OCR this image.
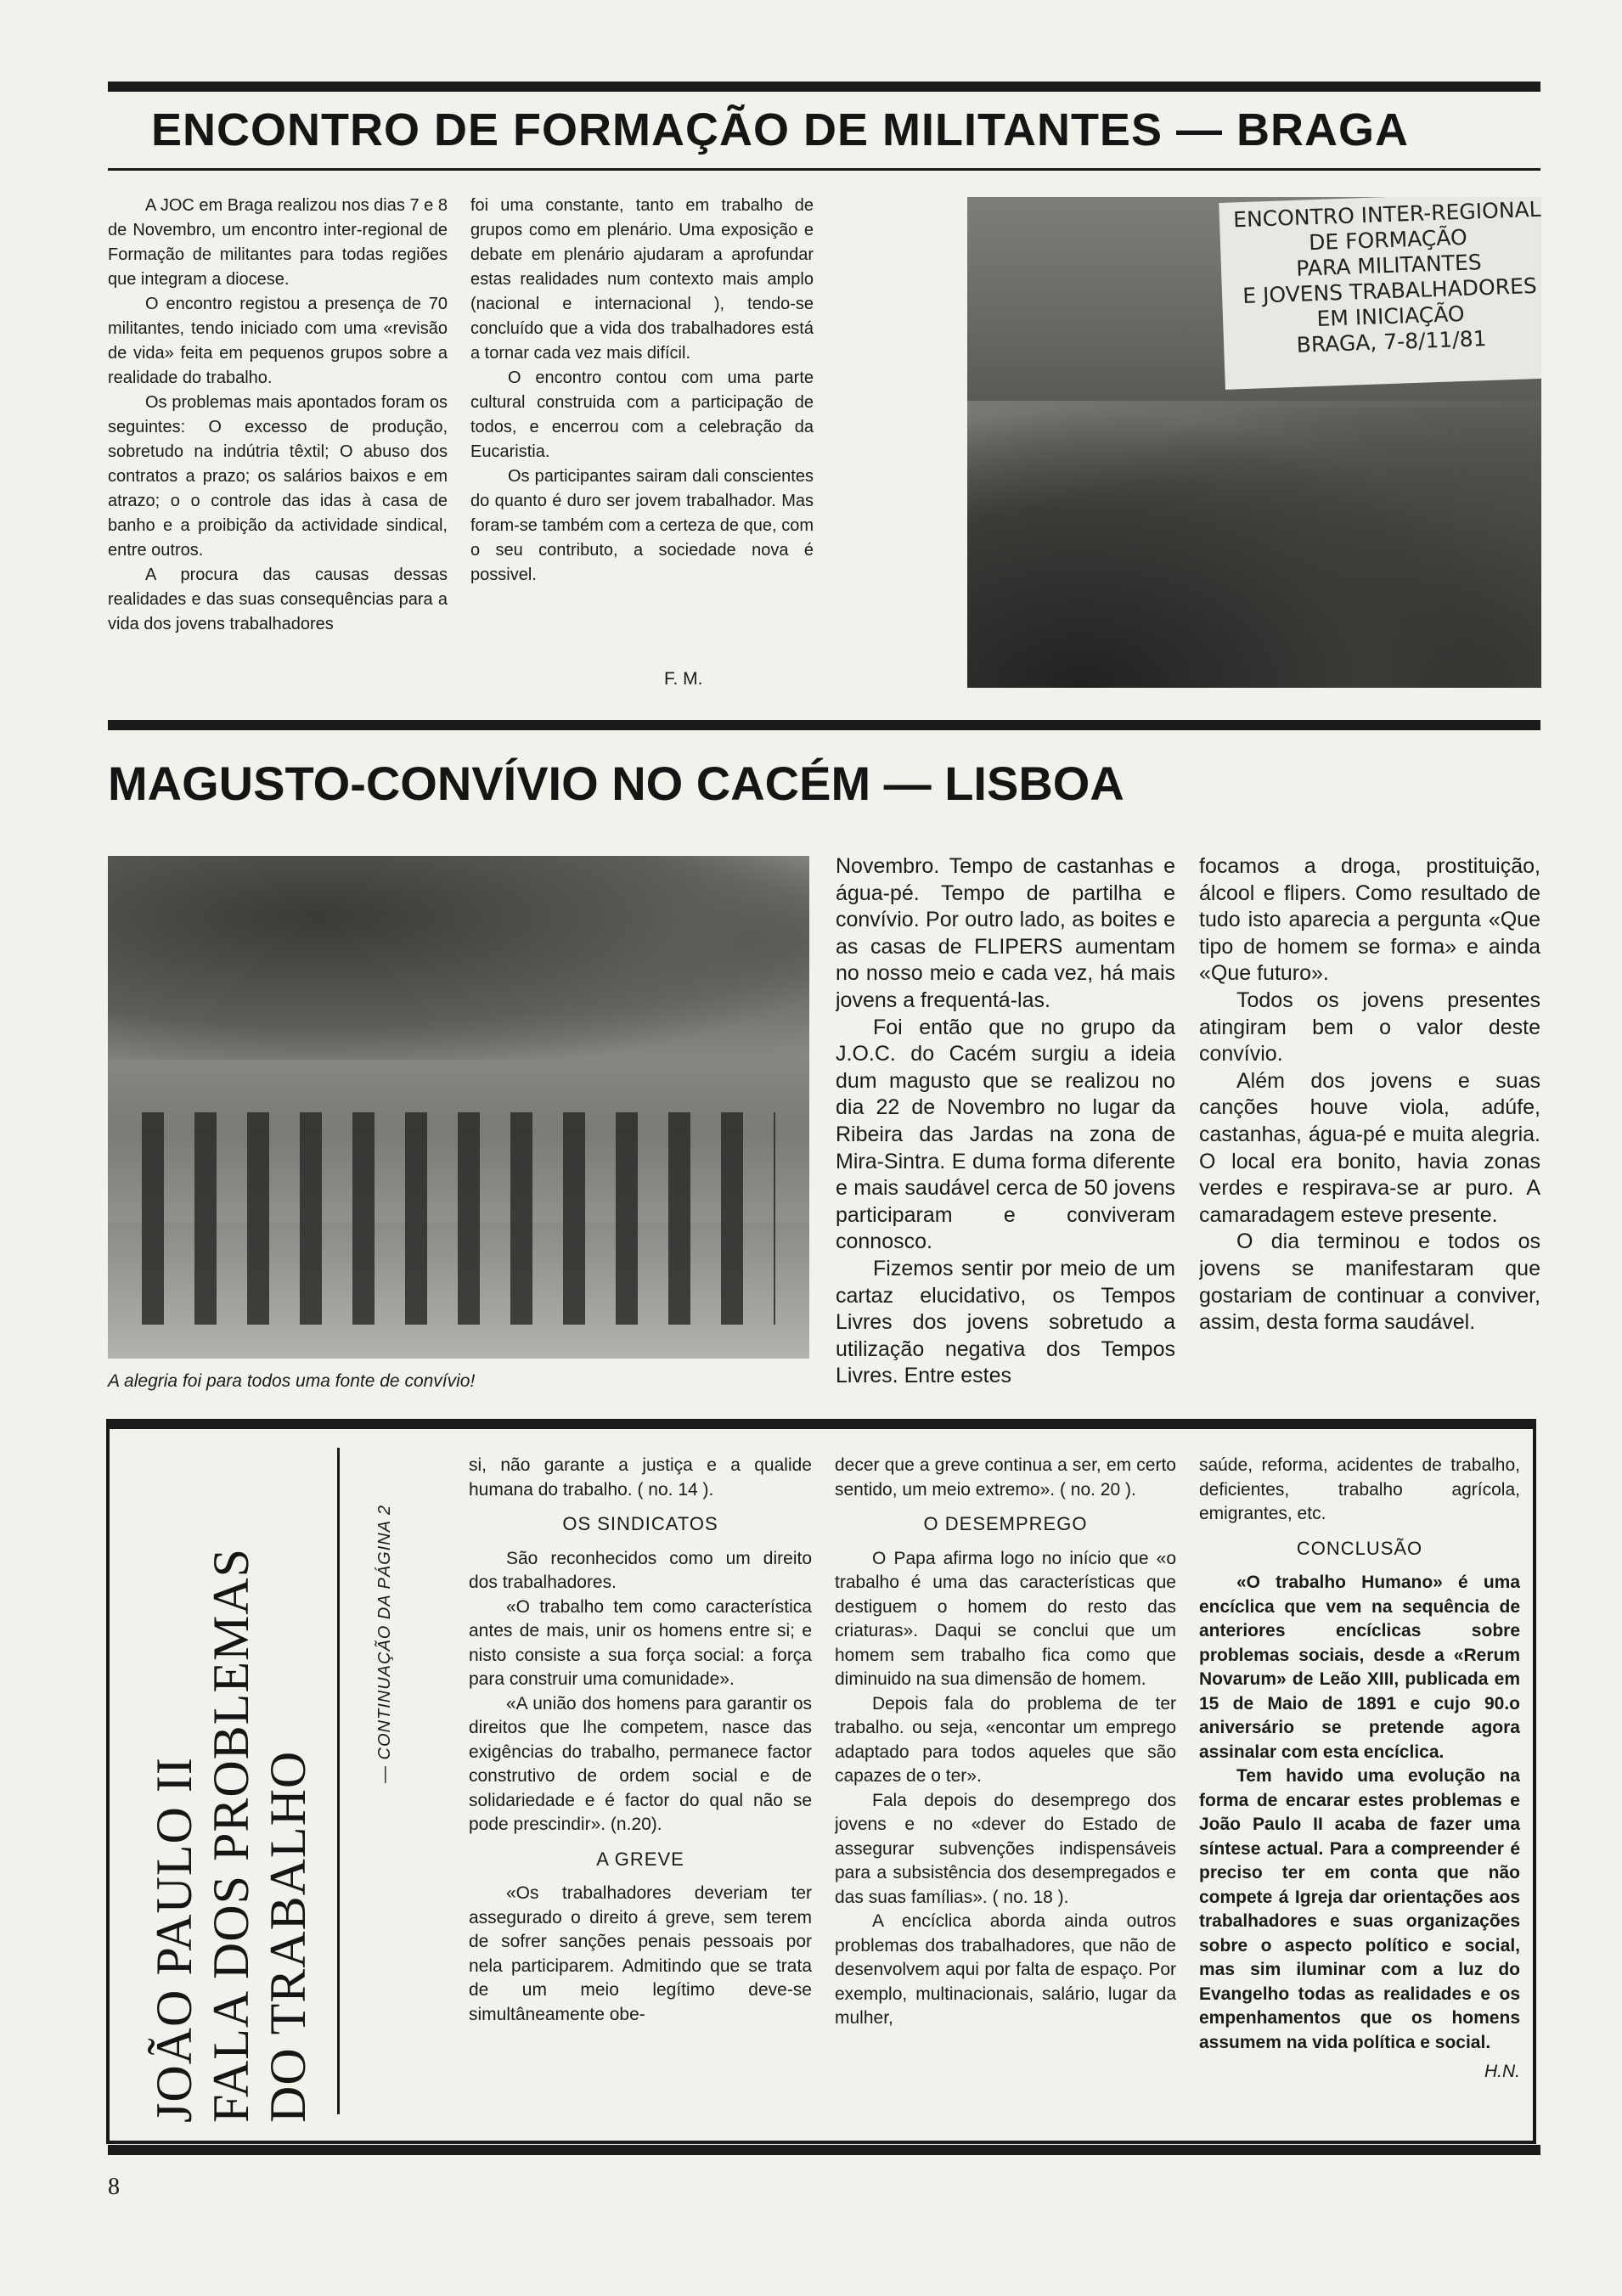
ENCONTRO DE FORMAÇÃO DE MILITANTES — BRAGA

A JOC em Braga realizou nos dias 7 e 8 de Novembro, um encontro inter-regional de Formação de militantes para todas regiões que integram a diocese.

O encontro registou a presença de 70 militantes, tendo iniciado com uma «revisão de vida» feita em pequenos grupos sobre a realidade do trabalho.

Os problemas mais apontados foram os seguintes: O excesso de produção, sobretudo na indútria têxtil; O abuso dos contratos a prazo; os salários baixos e em atrazo; o o controle das idas à casa de banho e a proibição da actividade sindical, entre outros.

A procura das causas dessas realidades e das suas consequências para a vida dos jovens trabalhadores

foi uma constante, tanto em trabalho de grupos como em plenário. Uma exposição e debate em plenário ajudaram a aprofundar estas realidades num contexto mais amplo (nacional e internacional ), tendo-se concluído que a vida dos trabalhadores está a tornar cada vez mais difícil.

O encontro contou com uma parte cultural construida com a participação de todos, e encerrou com a celebração da Eucaristia.

Os participantes sairam dali conscientes do quanto é duro ser jovem trabalhador. Mas foram-se também com a certeza de que, com o seu contributo, a sociedade nova é possivel.

F. M.
ENCONTRO INTER-REGIONAL
DE FORMAÇÃO
PARA MILITANTES
E JOVENS TRABALHADORES
EM INICIAÇÃO
BRAGA, 7-8/11/81
MAGUSTO-CONVÍVIO NO CACÉM — LISBOA
A alegria foi para todos uma fonte de convívio!

Novembro. Tempo de castanhas e água-pé. Tempo de partilha e convívio. Por outro lado, as boites e as casas de FLIPERS aumentam no nosso meio e cada vez, há mais jovens a frequentá-las.

Foi então que no grupo da J.O.C. do Cacém surgiu a ideia dum magusto que se realizou no dia 22 de Novembro no lugar da Ribeira das Jardas na zona de Mira-Sintra. E duma forma diferente e mais saudável cerca de 50 jovens participaram e conviveram connosco.

Fizemos sentir por meio de um cartaz elucidativo, os Tempos Livres dos jovens sobretudo a utilização negativa dos Tempos Livres. Entre estes

focamos a droga, prostituição, álcool e flipers. Como resultado de tudo isto aparecia a pergunta «Que tipo de homem se forma» e ainda «Que futuro».

Todos os jovens presentes atingiram bem o valor deste convívio.

Além dos jovens e suas canções houve viola, adúfe, castanhas, água-pé e muita alegria. O local era bonito, havia zonas verdes e respirava-se ar puro. A camaradagem esteve presente.

O dia terminou e todos os jovens se manifestaram que gostariam de continuar a conviver, assim, desta forma saudável.

JOÃO PAULO II FALA DOS PROBLEMAS DO TRABALHO
— CONTINUAÇÃO DA PÁGINA 2

si, não garante a justiça e a qualide humana do trabalho. ( no. 14 ).

OS SINDICATOS

São reconhecidos como um direito dos trabalhadores.

«O trabalho tem como característica antes de mais, unir os homens entre si; e nisto consiste a sua força social: a força para construir uma comunidade».

«A união dos homens para garantir os direitos que lhe competem, nasce das exigências do trabalho, permanece factor construtivo de ordem social e de solidariedade e é factor do qual não se pode prescindir». (n.20).

A GREVE

«Os trabalhadores deveriam ter assegurado o direito á greve, sem terem de sofrer sanções penais pessoais por nela participarem. Admitindo que se trata de um meio legítimo deve-se simultâneamente obe-

decer que a greve continua a ser, em certo sentido, um meio extremo». ( no. 20 ).

O DESEMPREGO

O Papa afirma logo no início que «o trabalho é uma das características que destiguem o homem do resto das criaturas». Daqui se conclui que um homem sem trabalho fica como que diminuido na sua dimensão de homem.

Depois fala do problema de ter trabalho. ou seja, «encontar um emprego adaptado para todos aqueles que são capazes de o ter».

Fala depois do desemprego dos jovens e no «dever do Estado de assegurar subvenções indispensáveis para a subsistência dos desempregados e das suas famílias». ( no. 18 ).

A encíclica aborda ainda outros problemas dos trabalhadores, que não de desenvolvem aqui por falta de espaço. Por exemplo, multinacionais, salário, lugar da mulher,

saúde, reforma, acidentes de trabalho, deficientes, trabalho agrícola, emigrantes, etc.

CONCLUSÃO

«O trabalho Humano» é uma encíclica que vem na sequência de anteriores encíclicas sobre problemas sociais, desde a «Rerum Novarum» de Leão XIII, publicada em 15 de Maio de 1891 e cujo 90.o aniversário se pretende agora assinalar com esta encíclica.

Tem havido uma evolução na forma de encarar estes problemas e João Paulo II acaba de fazer uma síntese actual. Para a compreender é preciso ter em conta que não compete á Igreja dar orientações aos trabalhadores e suas organizações sobre o aspecto político e social, mas sim iluminar com a luz do Evangelho todas as realidades e os empenhamentos que os homens assumem na vida política e social.

H.N.
8
